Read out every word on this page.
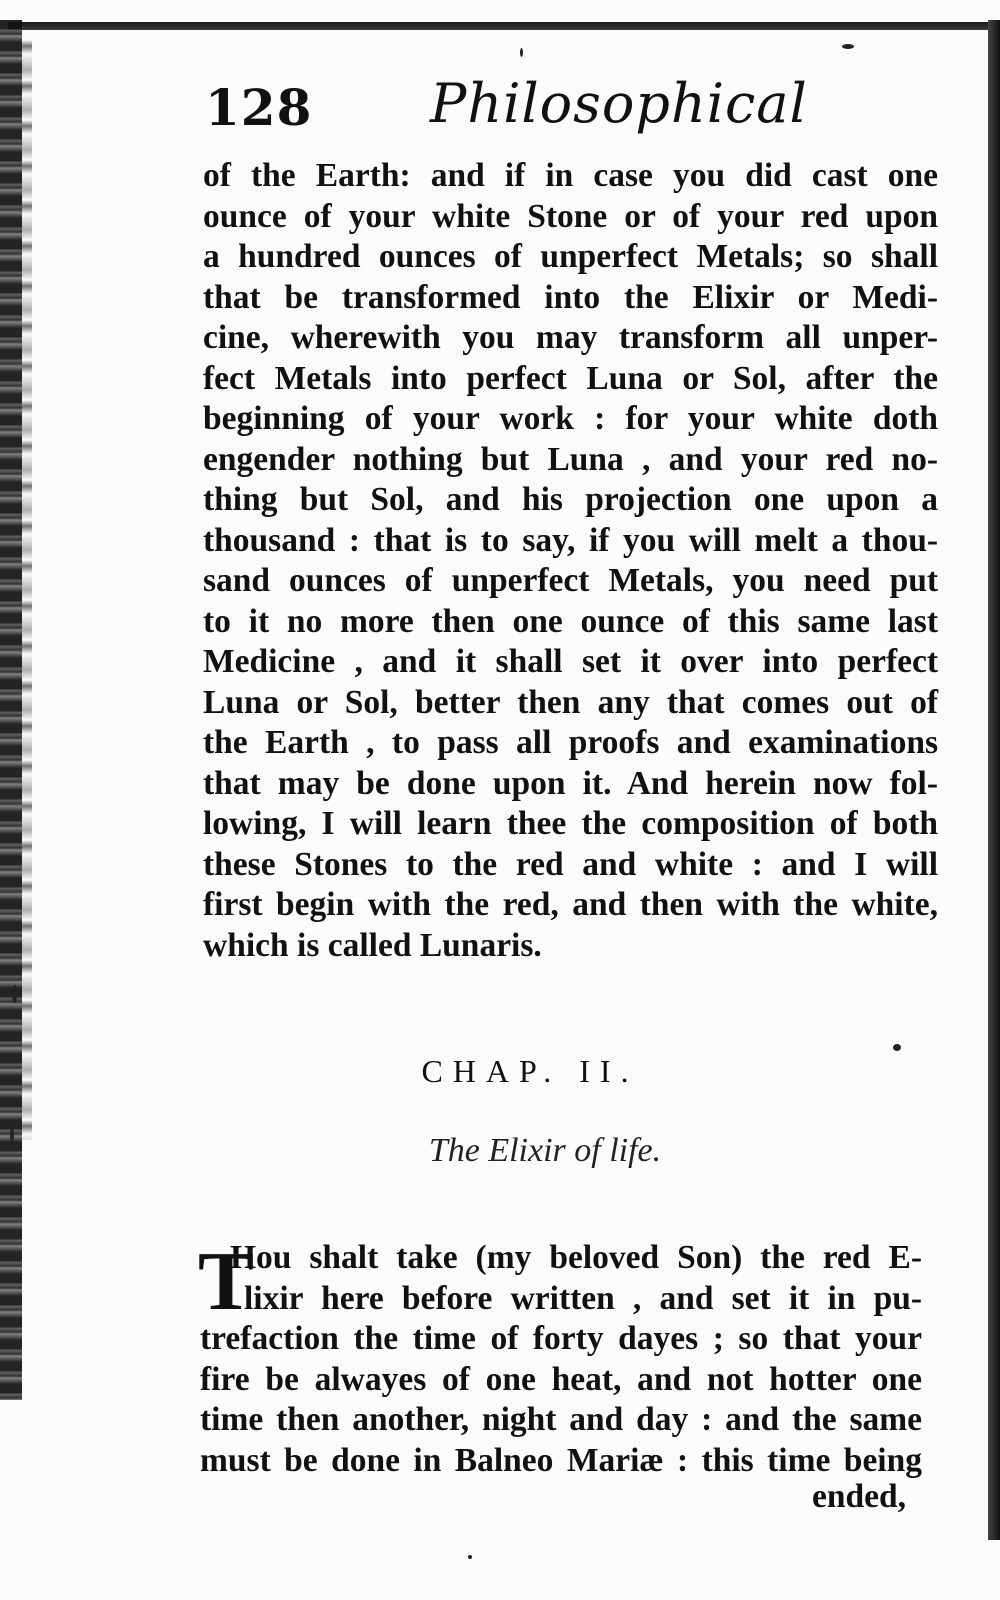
128 Philosophical
of the Earth: and if in case you did cast one
ounce of your white Stone or of your red upon
a hundred ounces of unperfect Metals; so shall
that be transformed into the Elixir or Medi-
cine, wherewith you may transform all unper-
fect Metals into perfect Luna or Sol, after the
beginning of your work : for your white doth
engender nothing but Luna , and your red no-
thing but Sol, and his projection one upon a
thousand : that is to say, if you will melt a thou-
sand ounces of unperfect Metals, you need put
to it no more then one ounce of this same last
Medicine , and it shall set it over into perfect
Luna or Sol, better then any that comes out of
the Earth , to pass all proofs and examinations
that may be done upon it. And herein now fol-
lowing, I will learn thee the composition of both
these Stones to the red and white : and I will
first begin with the red, and then with the white,
which is called Lunaris.
CHAP. II.
The Elixir of life.
T
Hou shalt take (my beloved Son) the red E-
lixir here before written , and set it in pu-
trefaction the time of forty dayes ; so that your
fire be alwayes of one heat, and not hotter one
time then another, night and day : and the same
must be done in Balneo Mariæ : this time being
ended,
